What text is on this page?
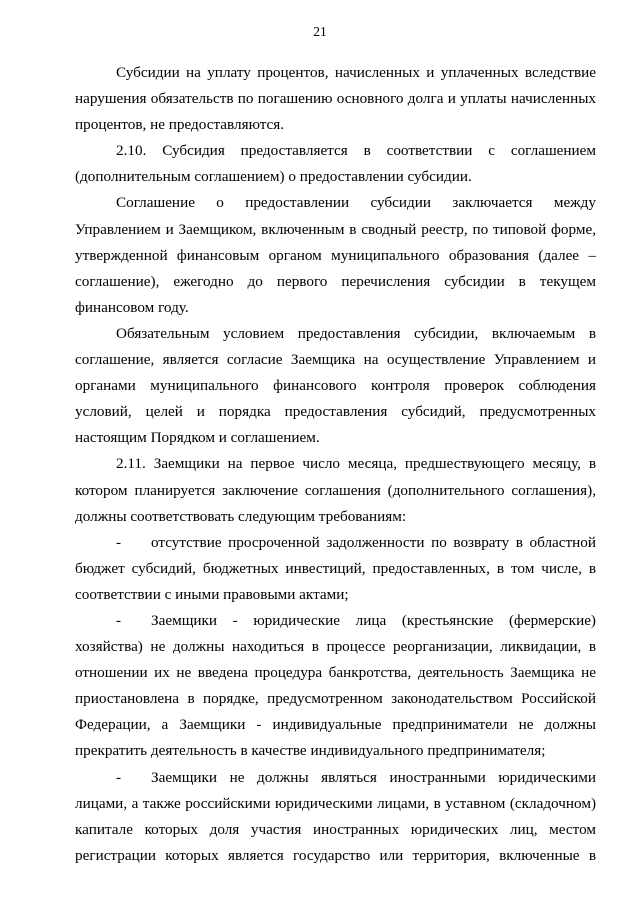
21

Субсидии на уплату процентов, начисленных и уплаченных вследствие нарушения обязательств по погашению основного долга и уплаты начисленных процентов, не предоставляются.

2.10. Субсидия предоставляется в соответствии с соглашением (дополнительным соглашением) о предоставлении субсидии.

Соглашение о предоставлении субсидии заключается между Управлением и Заемщиком, включенным в сводный реестр, по типовой форме, утвержденной финансовым органом муниципального образования (далее – соглашение), ежегодно до первого перечисления субсидии в текущем финансовом году.

Обязательным условием предоставления субсидии, включаемым в соглашение, является согласие Заемщика на осуществление Управлением и органами муниципального финансового контроля проверок соблюдения условий, целей и порядка предоставления субсидий, предусмотренных настоящим Порядком и соглашением.

2.11. Заемщики на первое число месяца, предшествующего месяцу, в котором планируется заключение соглашения (дополнительного соглашения), должны соответствовать следующим требованиям:

- отсутствие просроченной задолженности по возврату в областной бюджет субсидий, бюджетных инвестиций, предоставленных, в том числе, в соответствии с иными правовыми актами;

- Заемщики - юридические лица (крестьянские (фермерские) хозяйства) не должны находиться в процессе реорганизации, ликвидации, в отношении их не введена процедура банкротства, деятельность Заемщика не приостановлена в порядке, предусмотренном законодательством Российской Федерации, а Заемщики - индивидуальные предприниматели не должны прекратить деятельность в качестве индивидуального предпринимателя;

- Заемщики не должны являться иностранными юридическими лицами, а также российскими юридическими лицами, в уставном (складочном) капитале которых доля участия иностранных юридических лиц, местом регистрации которых является государство или территория, включенные в
